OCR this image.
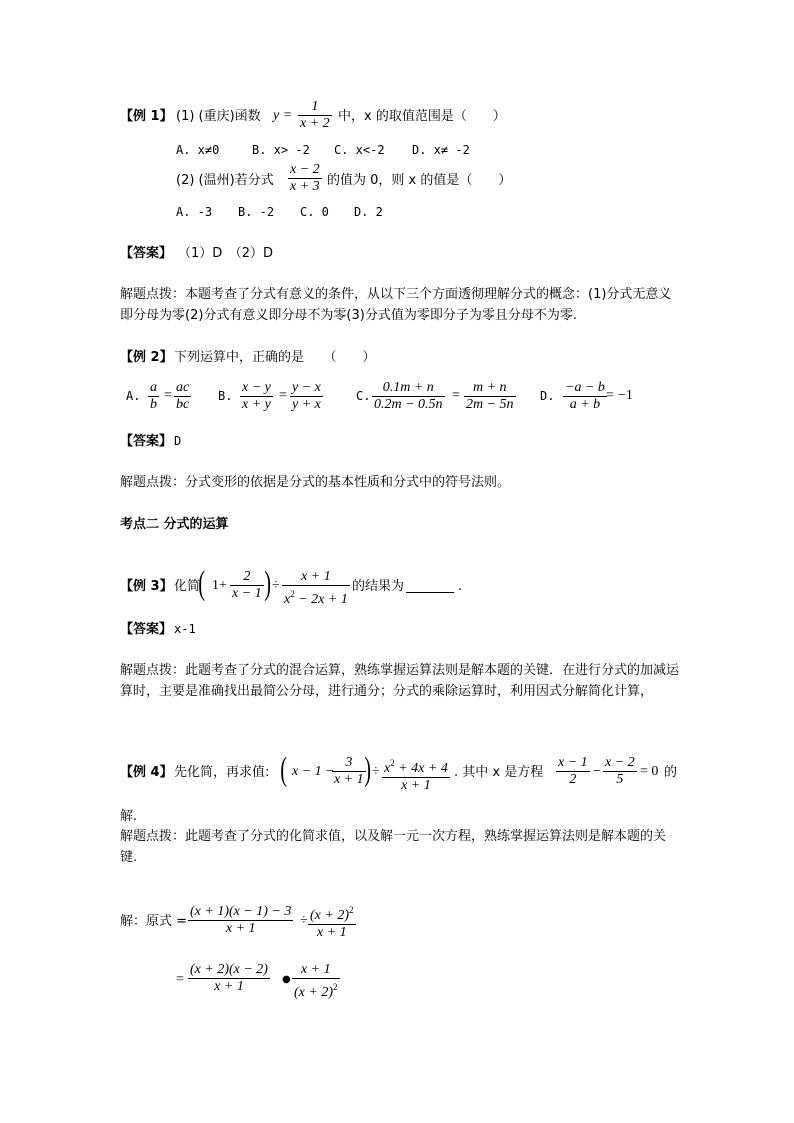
【例 1】 (1) (重庆)函数 y =
1
x + 2 中，x 的取值范围是（　　）
A. x≠0	B. x> -2 C. x<-2 D. x≠ -2
(2) (温州)若分式
x − 2
x + 3 的值为 0，则 x 的值是（　　）
A. -3 B. -2 C. 0 D. 2
【答案】 （1）D　（2）D
解题点拨：本题考查了分式有意义的条件，从以下三个方面透彻理解分式的概念：(1)分式无意义即分母为零(2)分式有意义即分母不为零(3)分式值为零即分子为零且分母不为零.
【例 2】 下列运算中，正确的是　　（　　）
A.
a
b
=
ac
bc
B.
x − y
x + y
=
y − x
y + x
C.
0.1m + n
0.2m − 0.5n
=
m + n
2m − 5n
D.
−a − b
a + b
= −1
【答案】 D
解题点拨：分式变形的依据是分式的基本性质和分式中的符号法则。
考点二 分式的运算
【例 3】 化简
( 1+
2
x − 1 ) ÷
x + 1
$x^2 - 2x + 1$
的结果为	.
【答案】 x-1
解题点拨：此题考查了分式的混合运算，熟练掌握运算法则是解本题的关键．在进行分式的加减运算时，主要是准确找出最简公分母，进行通分；分式的乘除运算时，利用因式分解简化计算，
【例 4】 先化简，再求值: ( x − 1 −
3
x + 1 ) ÷ $x^2 + 4x + 4$
x + 1
. 其中 x 是方程
x − 1
2
−
x − 2
5
= 0 的
解.
解题点拨：此题考查了分式的化简求值，以及解一元一次方程，熟练掌握运算法则是解本题的关键.
解：原式 =
(x + 1)(x − 1) − 3
x + 1
÷ $(x + 2)^2$
x + 1
=
(x + 2)(x − 2)
x + 1	●
x + 1
$(x + 2)^2$
